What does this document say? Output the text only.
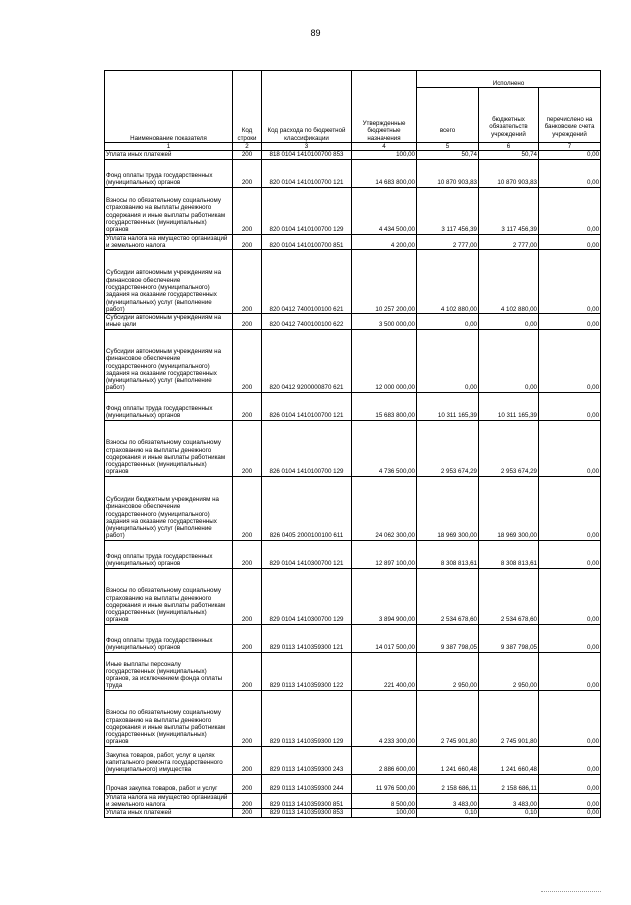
89
Наименование показателя	Код строки	Код расхода по бюджетной классификации	Утвержденные бюджетные назначения	Исполнено		
				всего	бюджетных обязательств учреждений	перечислено на банковские счета учреждений
1	2	3	4	5	6	7
Уплата иных платежей	200	818 0104 1410100700 853	100,00	50,74	50,74	0,00
Фонд оплаты труда государственных (муниципальных) органов	200	820 0104 1410100700 121	14 683 800,00	10 870 903,83	10 870 903,83	0,00
Взносы по обязательному социальному страхованию на выплаты денежного содержания и иные выплаты работникам государственных (муниципальных) органов	200	820 0104 1410100700 129	4 434 500,00	3 117 456,39	3 117 456,39	0,00
Уплата налога на имущество организаций и земельного налога	200	820 0104 1410100700 851	4 200,00	2 777,00	2 777,00	0,00
Субсидии автономным учреждениям на финансовое обеспечение государственного (муниципального) задания на оказание государственных (муниципальных) услуг (выполнение работ)	200	820 0412 7400100100 621	10 257 200,00	4 102 880,00	4 102 880,00	0,00
Субсидии автономным учреждениям на иные цели	200	820 0412 7400100100 622	3 500 000,00	0,00	0,00	0,00
Субсидии автономным учреждениям на финансовое обеспечение государственного (муниципального) задания на оказание государственных (муниципальных) услуг (выполнение работ)	200	820 0412 9200000870 621	12 000 000,00	0,00	0,00	0,00
Фонд оплаты труда государственных (муниципальных) органов	200	826 0104 1410100700 121	15 683 800,00	10 311 165,39	10 311 165,39	0,00
Взносы по обязательному социальному страхованию на выплаты денежного содержания и иные выплаты работникам государственных (муниципальных) органов	200	826 0104 1410100700 129	4 736 500,00	2 953 674,29	2 953 674,29	0,00
Субсидии бюджетным учреждениям на финансовое обеспечение государственного (муниципального) задания на оказание государственных (муниципальных) услуг (выполнение работ)	200	826 0405 2000100100 611	24 062 300,00	18 969 300,00	18 969 300,00	0,00
Фонд оплаты труда государственных (муниципальных) органов	200	829 0104 1410300700 121	12 897 100,00	8 308 813,61	8 308 813,61	0,00
Взносы по обязательному социальному страхованию на выплаты денежного содержания и иные выплаты работникам государственных (муниципальных) органов	200	829 0104 1410300700 129	3 894 900,00	2 534 678,60	2 534 678,60	0,00
Фонд оплаты труда государственных (муниципальных) органов	200	829 0113 1410359300 121	14 017 500,00	9 387 798,05	9 387 798,05	0,00
Иные выплаты персоналу государственных (муниципальных) органов, за исключением фонда оплаты труда	200	829 0113 1410359300 122	221 400,00	2 950,00	2 950,00	0,00
Взносы по обязательному социальному страхованию на выплаты денежного содержания и иные выплаты работникам государственных (муниципальных) органов	200	829 0113 1410359300 129	4 233 300,00	2 745 901,80	2 745 901,80	0,00
Закупка товаров, работ, услуг в целях капитального ремонта государственного (муниципального) имущества	200	829 0113 1410359300 243	2 886 600,00	1 241 660,48	1 241 660,48	0,00
Прочая закупка товаров, работ и услуг	200	829 0113 1410359300 244	11 976 500,00	2 158 686,11	2 158 686,11	0,00
Уплата налога на имущество организаций и земельного налога	200	829 0113 1410359300 851	8 500,00	3 483,00	3 483,00	0,00
Уплата иных платежей	200	829 0113 1410359300 853	100,00	0,10	0,10	0,00
